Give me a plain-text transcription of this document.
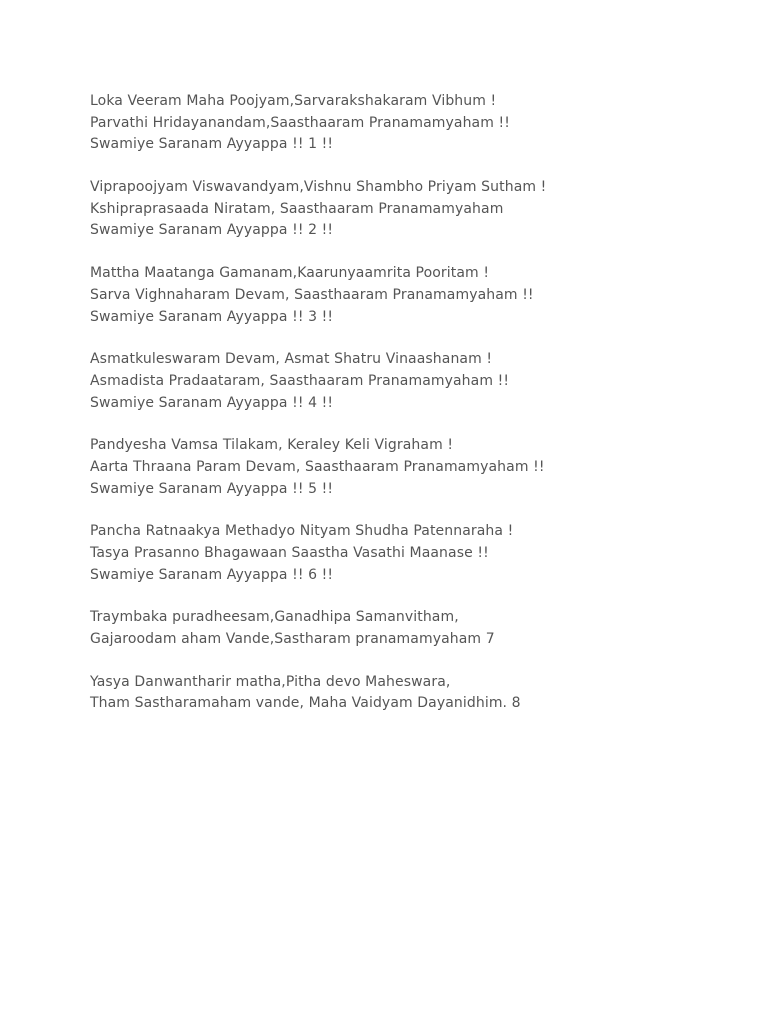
Loka Veeram Maha Poojyam,Sarvarakshakaram Vibhum !
Parvathi Hridayanandam,Saasthaaram Pranamamyaham !!
Swamiye Saranam Ayyappa !! 1 !!
Viprapoojyam Viswavandyam,Vishnu Shambho Priyam Sutham !
Kshipraprasaada Niratam, Saasthaaram Pranamamyaham
Swamiye Saranam Ayyappa !! 2 !!
Mattha Maatanga Gamanam,Kaarunyaamrita Pooritam !
Sarva Vighnaharam Devam, Saasthaaram Pranamamyaham !!
Swamiye Saranam Ayyappa !! 3 !!
Asmatkuleswaram Devam, Asmat Shatru Vinaashanam !
Asmadista Pradaataram, Saasthaaram Pranamamyaham !!
Swamiye Saranam Ayyappa !! 4 !!
Pandyesha Vamsa Tilakam, Keraley Keli Vigraham !
Aarta Thraana Param Devam, Saasthaaram Pranamamyaham !!
Swamiye Saranam Ayyappa !! 5 !!
Pancha Ratnaakya Methadyo Nityam Shudha Patennaraha !
Tasya Prasanno Bhagawaan Saastha Vasathi Maanase !!
Swamiye Saranam Ayyappa !! 6 !!
Traymbaka puradheesam,Ganadhipa Samanvitham,
Gajaroodam aham Vande,Sastharam pranamamyaham 7
Yasya Danwantharir matha,Pitha devo Maheswara,
Tham Sastharamaham vande, Maha Vaidyam Dayanidhim. 8
